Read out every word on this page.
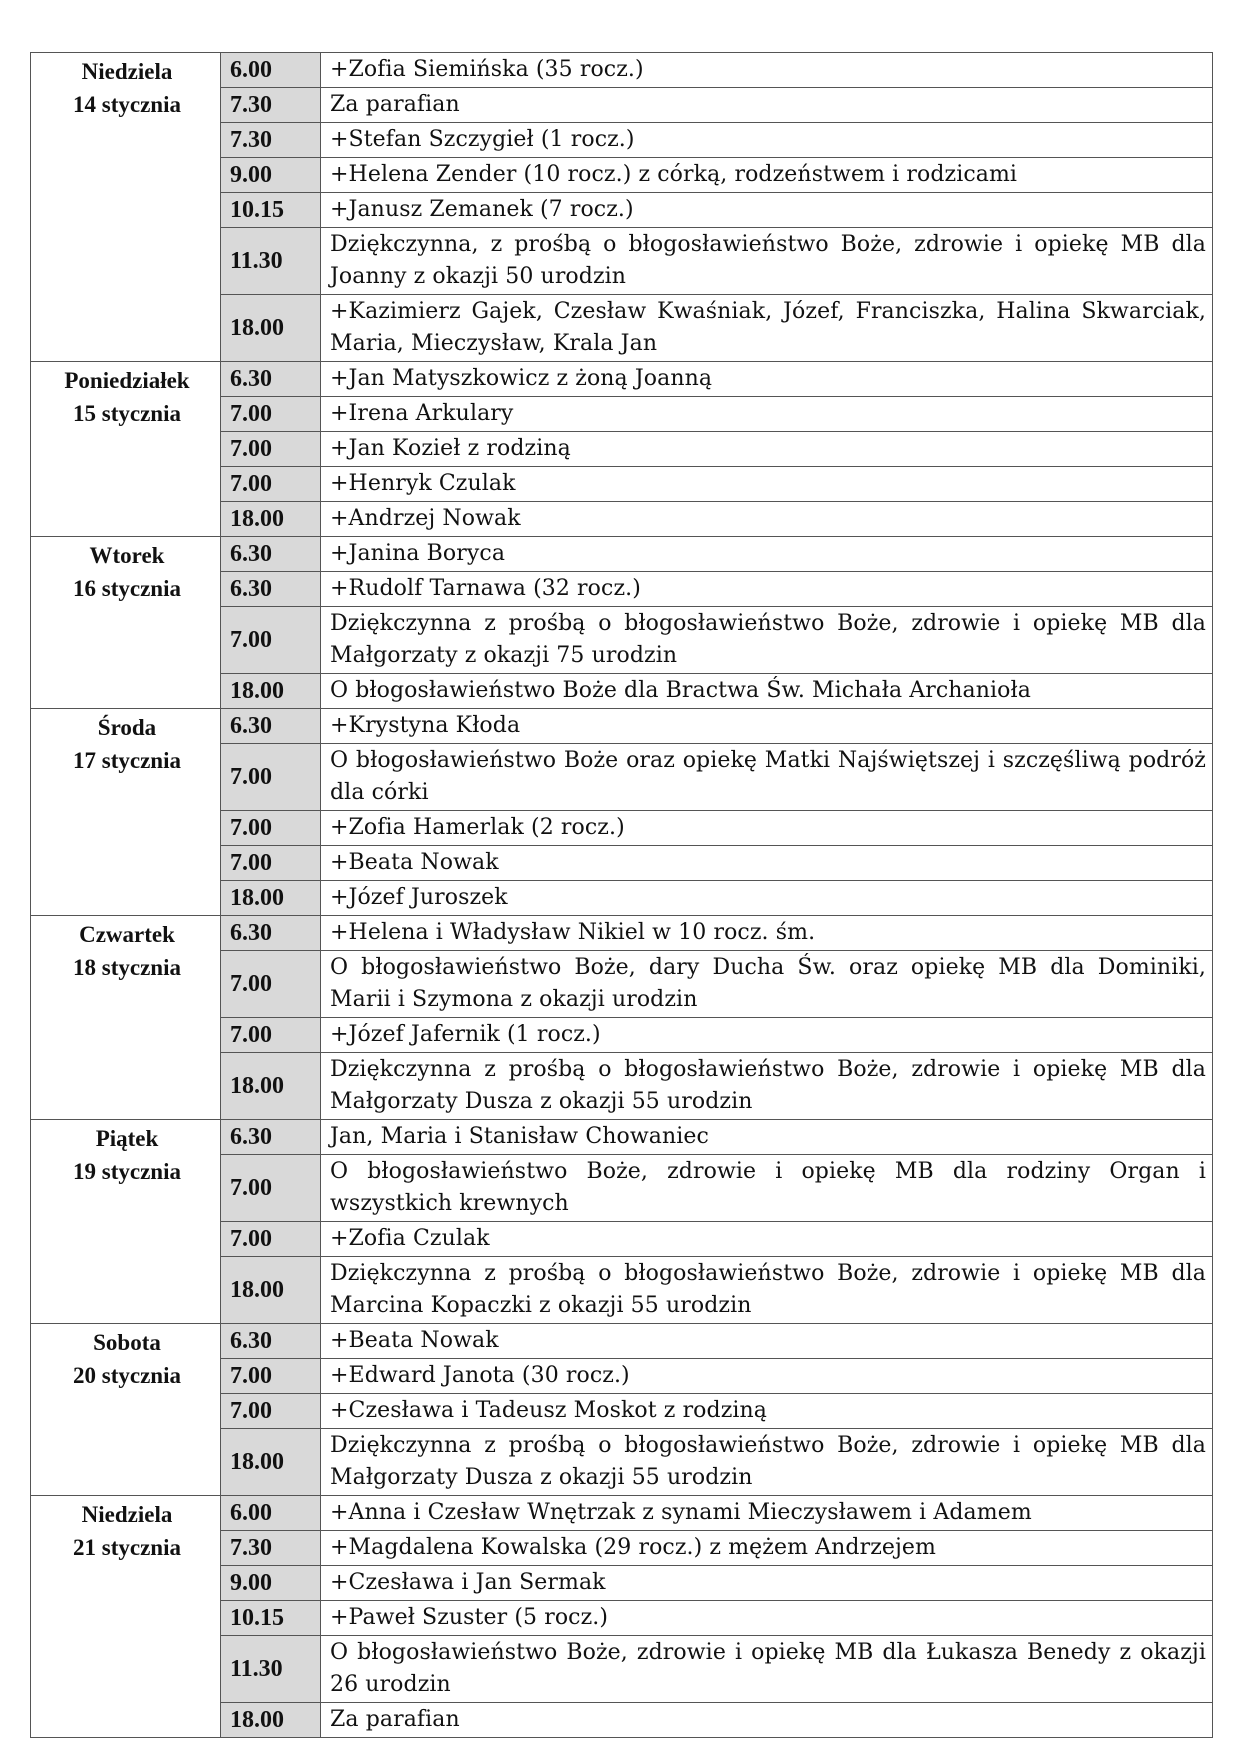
Niedziela
14 stycznia	6.00	+Zofia Siemińska (35 rocz.)
	7.30	Za parafian
	7.30	+Stefan Szczygieł (1 rocz.)
	9.00	+Helena Zender (10 rocz.) z córką, rodzeństwem i rodzicami
	10.15	+Janusz Zemanek (7 rocz.)
	11.30	Dziękczynna, z prośbą o błogosławieństwo Boże, zdrowie i opiekę MB dla Joanny z okazji 50 urodzin
	18.00	+Kazimierz Gajek, Czesław Kwaśniak, Józef, Franciszka, Halina Skwarciak, Maria, Mieczysław, Krala Jan

Poniedziałek
15 stycznia	6.30	+Jan Matyszkowicz z żoną Joanną
	7.00	+Irena Arkulary
	7.00	+Jan Kozieł z rodziną
	7.00	+Henryk Czulak
	18.00	+Andrzej Nowak

Wtorek
16 stycznia	6.30	+Janina Boryca
	6.30	+Rudolf Tarnawa (32 rocz.)
	7.00	Dziękczynna z prośbą o błogosławieństwo Boże, zdrowie i opiekę MB dla Małgorzaty z okazji 75 urodzin
	18.00	O błogosławieństwo Boże dla Bractwa Św. Michała Archanioła

Środa
17 stycznia	6.30	+Krystyna Kłoda
	7.00	O błogosławieństwo Boże oraz opiekę Matki Najświętszej i szczęśliwą podróż dla córki
	7.00	+Zofia Hamerlak (2 rocz.)
	7.00	+Beata Nowak
	18.00	+Józef Juroszek

Czwartek
18 stycznia	6.30	+Helena i Władysław Nikiel w 10 rocz. śm.
	7.00	O błogosławieństwo Boże, dary Ducha Św. oraz opiekę MB dla Dominiki, Marii i Szymona z okazji urodzin
	7.00	+Józef Jafernik (1 rocz.)
	18.00	Dziękczynna z prośbą o błogosławieństwo Boże, zdrowie i opiekę MB dla Małgorzaty Dusza z okazji 55 urodzin

Piątek
19 stycznia	6.30	Jan, Maria i Stanisław Chowaniec
	7.00	O błogosławieństwo Boże, zdrowie i opiekę MB dla rodziny Organ i wszystkich krewnych
	7.00	+Zofia Czulak
	18.00	Dziękczynna z prośbą o błogosławieństwo Boże, zdrowie i opiekę MB dla Marcina Kopaczki z okazji 55 urodzin

Sobota
20 stycznia	6.30	+Beata Nowak
	7.00	+Edward Janota (30 rocz.)
	7.00	+Czesława i Tadeusz Moskot z rodziną
	18.00	Dziękczynna z prośbą o błogosławieństwo Boże, zdrowie i opiekę MB dla Małgorzaty Dusza z okazji 55 urodzin

Niedziela
21 stycznia	6.00	+Anna i Czesław Wnętrzak z synami Mieczysławem i Adamem
	7.30	+Magdalena Kowalska (29 rocz.) z mężem Andrzejem
	9.00	+Czesława i Jan Sermak
	10.15	+Paweł Szuster (5 rocz.)
	11.30	O błogosławieństwo Boże, zdrowie i opiekę MB dla Łukasza Benedy z okazji 26 urodzin
	18.00	Za parafian
